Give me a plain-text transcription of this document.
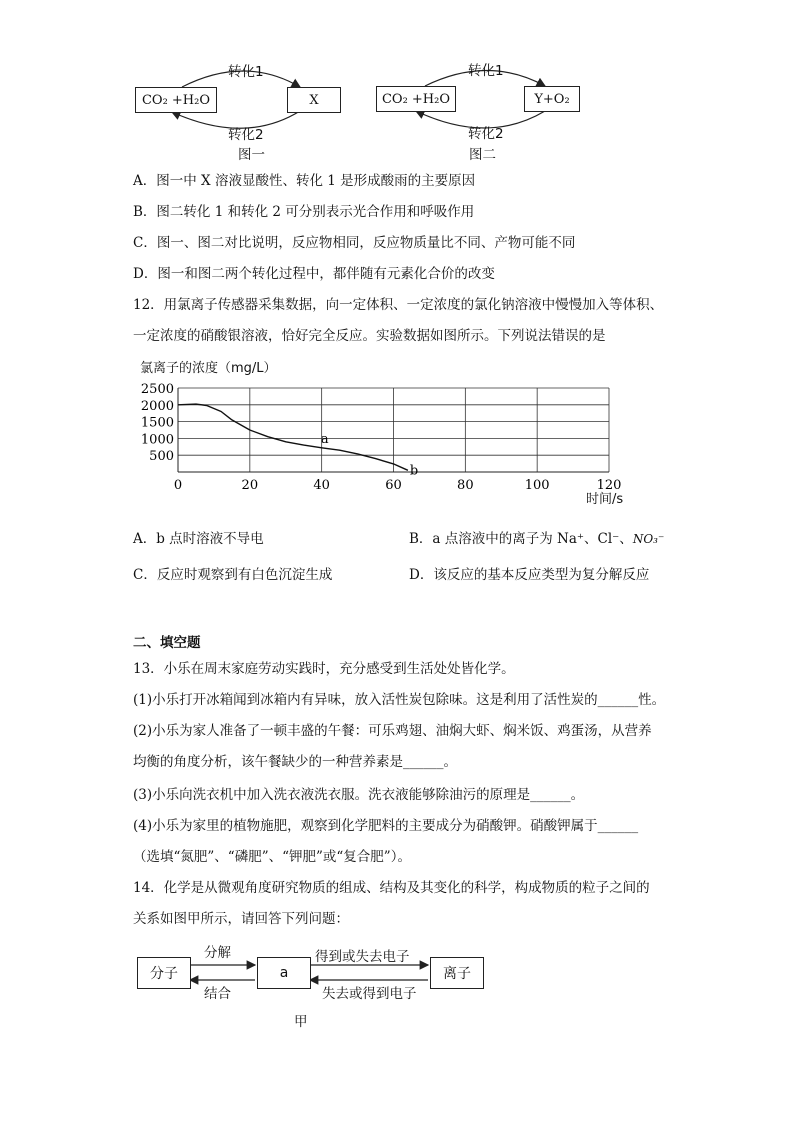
CO₂ +H₂O	X
转化1
转化2
图一
CO₂ +H₂O	Y+O₂
转化1
转化2
图二
A．图一中 X 溶液显酸性、转化 1 是形成酸雨的主要原因
B．图二转化 1 和转化 2 可分别表示光合作用和呼吸作用
C．图一、图二对比说明，反应物相同，反应物质量比不同、产物可能不同
D．图一和图二两个转化过程中，都伴随有元素化合价的改变
12．用氯离子传感器采集数据，向一定体积、一定浓度的氯化钠溶液中慢慢加入等体积、
一定浓度的硝酸银溶液，恰好完全反应。实验数据如图所示。下列说法错误的是
氯离子的浓度（mg/L）
时间/s
2500
2000
1500
1000
500
0	20	40	60	80	100	120
a
b
A．b 点时溶液不导电	B．a 点溶液中的离子为 Na⁺、Cl⁻、NO₃⁻
C．反应时观察到有白色沉淀生成	D．该反应的基本反应类型为复分解反应
二、填空题
13．小乐在周末家庭劳动实践时，充分感受到生活处处皆化学。
(1)小乐打开冰箱闻到冰箱内有异味，放入活性炭包除味。这是利用了活性炭的______性。
(2)小乐为家人准备了一顿丰盛的午餐：可乐鸡翅、油焖大虾、焖米饭、鸡蛋汤，从营养
均衡的角度分析，该午餐缺少的一种营养素是______。
(3)小乐向洗衣机中加入洗衣液洗衣服。洗衣液能够除油污的原理是______。
(4)小乐为家里的植物施肥，观察到化学肥料的主要成分为硝酸钾。硝酸钾属于______
（选填“氮肥”、“磷肥”、“钾肥”或“复合肥”）。
14．化学是从微观角度研究物质的组成、结构及其变化的科学，构成物质的粒子之间的
关系如图甲所示，请回答下列问题：
分子	a	离子
分解
结合
得到或失去电子
失去或得到电子
甲
